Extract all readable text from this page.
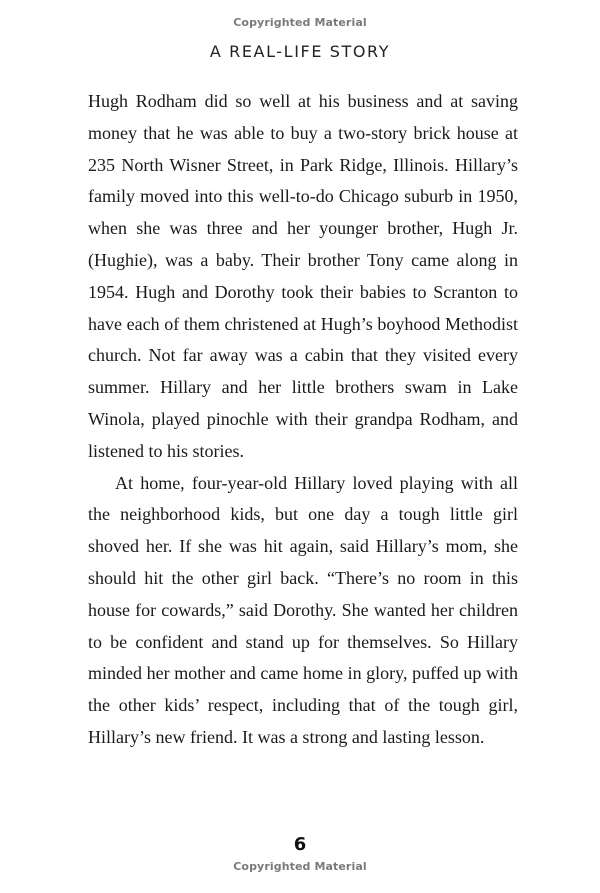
Copyrighted Material
A REAL-LIFE STORY

Hugh Rodham did so well at his business and at saving money that he was able to buy a two-story brick house at 235 North Wisner Street, in Park Ridge, Illinois. Hillary’s family moved into this well-to-do Chicago suburb in 1950, when she was three and her younger brother, Hugh Jr. (Hughie), was a baby. Their brother Tony came along in 1954. Hugh and Dorothy took their babies to Scranton to have each of them christened at Hugh’s boyhood Methodist church. Not far away was a cabin that they visited every summer. Hillary and her little brothers swam in Lake Winola, played pinochle with their grandpa Rodham, and listened to his stories.

At home, four-year-old Hillary loved playing with all the neighborhood kids, but one day a tough little girl shoved her. If she was hit again, said Hillary’s mom, she should hit the other girl back. “There’s no room in this house for cowards,” said Dorothy. She wanted her children to be confident and stand up for themselves. So Hillary minded her mother and came home in glory, puffed up with the other kids’ respect, including that of the tough girl, Hillary’s new friend. It was a strong and lasting lesson.

6
Copyrighted Material
